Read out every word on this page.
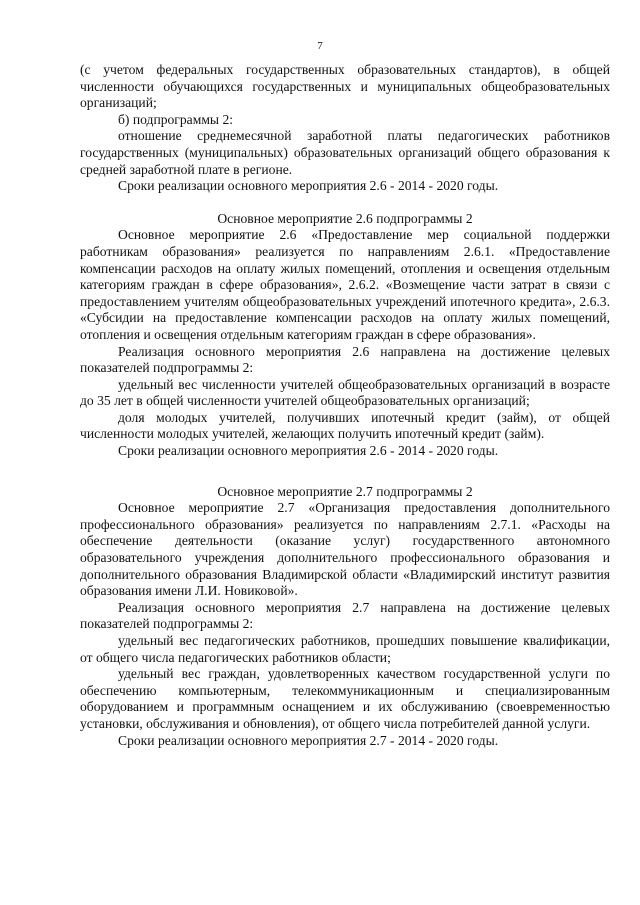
7

(с учетом федеральных государственных образовательных стандартов), в общей численности обучающихся государственных и муниципальных общеобразовательных организаций;

б) подпрограммы 2:

отношение среднемесячной заработной платы педагогических работников государственных (муниципальных) образовательных организаций общего образования к средней заработной плате в регионе.

Сроки реализации основного мероприятия 2.6 - 2014 - 2020 годы.

Основное мероприятие 2.6 подпрограммы 2

Основное мероприятие 2.6 «Предоставление мер социальной поддержки работникам образования» реализуется по направлениям 2.6.1. «Предоставление компенсации расходов на оплату жилых помещений, отопления и освещения отдельным категориям граждан в сфере образования», 2.6.2. «Возмещение части затрат в связи с предоставлением учителям общеобразовательных учреждений ипотечного кредита», 2.6.3. «Субсидии на предоставление компенсации расходов на оплату жилых помещений, отопления и освещения отдельным категориям граждан в сфере образования».

Реализация основного мероприятия 2.6 направлена на достижение целевых показателей подпрограммы 2:

удельный вес численности учителей общеобразовательных организаций в возрасте до 35 лет в общей численности учителей общеобразовательных организаций;

доля молодых учителей, получивших ипотечный кредит (займ), от общей численности молодых учителей, желающих получить ипотечный кредит (займ).

Сроки реализации основного мероприятия 2.6 - 2014 - 2020 годы.

Основное мероприятие 2.7 подпрограммы 2

Основное мероприятие 2.7 «Организация предоставления дополнительного профессионального образования» реализуется по направлениям 2.7.1. «Расходы на обеспечение деятельности (оказание услуг) государственного автономного образовательного учреждения дополнительного профессионального образования и дополнительного образования Владимирской области «Владимирский институт развития образования имени Л.И. Новиковой».

Реализация основного мероприятия 2.7 направлена на достижение целевых показателей подпрограммы 2:

удельный вес педагогических работников, прошедших повышение квалификации, от общего числа педагогических работников области;

удельный вес граждан, удовлетворенных качеством государственной услуги по обеспечению компьютерным, телекоммуникационным и специализированным оборудованием и программным оснащением и их обслуживанию (своевременностью установки, обслуживания и обновления), от общего числа потребителей данной услуги.

Сроки реализации основного мероприятия 2.7 - 2014 - 2020 годы.
